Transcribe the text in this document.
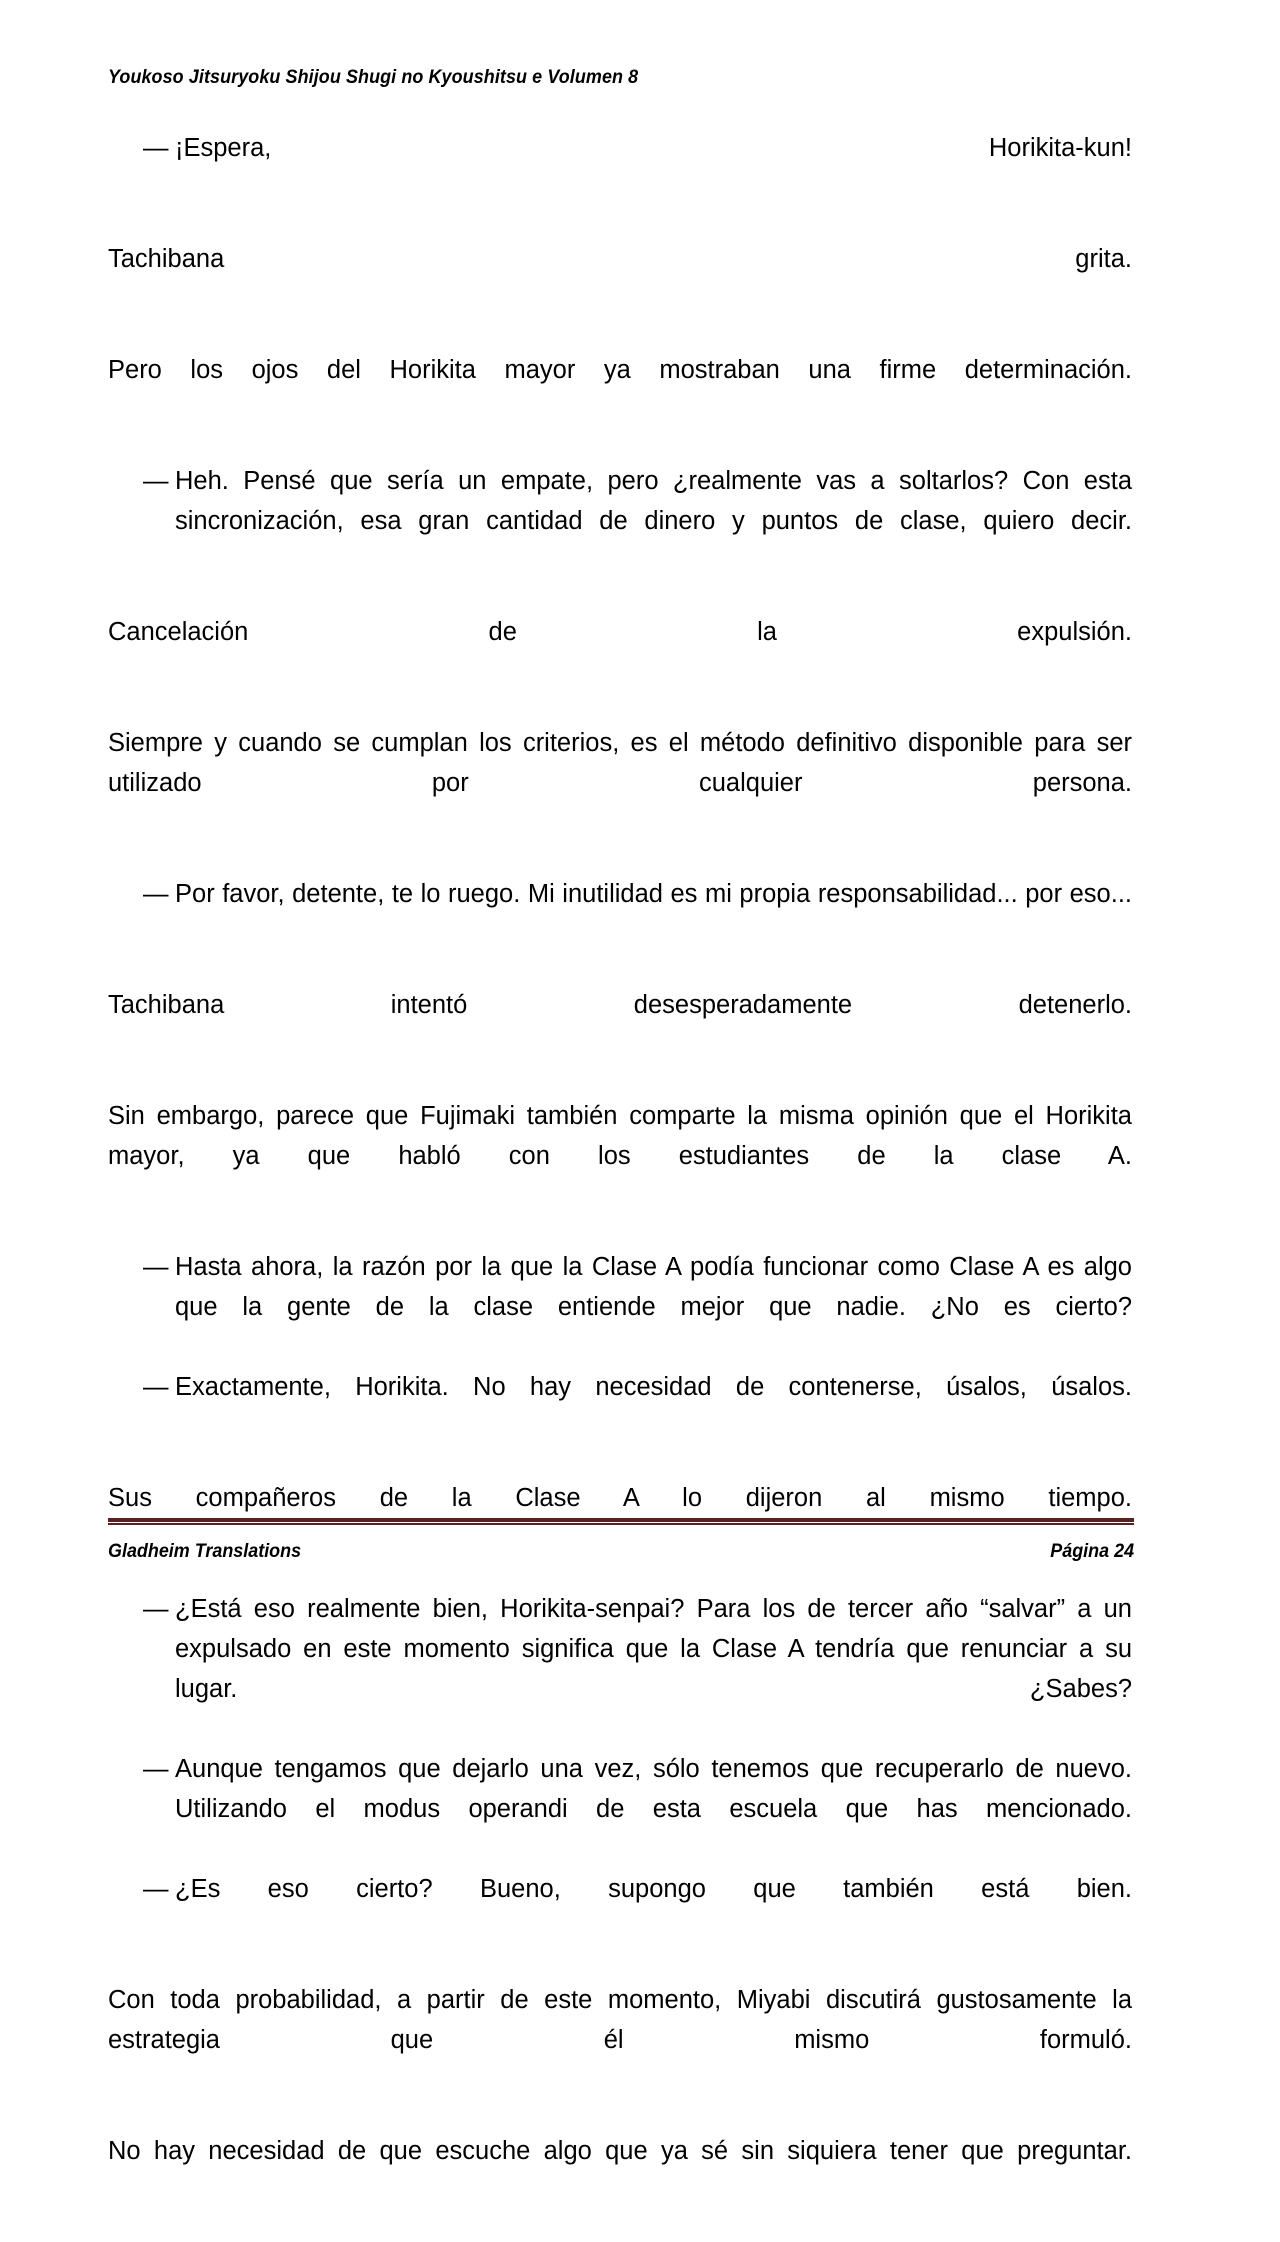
Youkoso Jitsuryoku Shijou Shugi no Kyoushitsu e Volumen 8

— ¡Espera, Horikita-kun!

Tachibana grita.

Pero los ojos del Horikita mayor ya mostraban una firme determinación.

— Heh. Pensé que sería un empate, pero ¿realmente vas a soltarlos? Con esta sincronización, esa gran cantidad de dinero y puntos de clase, quiero decir.

Cancelación de la expulsión.

Siempre y cuando se cumplan los criterios, es el método definitivo disponible para ser utilizado por cualquier persona.

— Por favor, detente, te lo ruego. Mi inutilidad es mi propia responsabilidad... por eso...

Tachibana intentó desesperadamente detenerlo.

Sin embargo, parece que Fujimaki también comparte la misma opinión que el Horikita mayor, ya que habló con los estudiantes de la clase A.

— Hasta ahora, la razón por la que la Clase A podía funcionar como Clase A es algo que la gente de la clase entiende mejor que nadie. ¿No es cierto?

— Exactamente, Horikita. No hay necesidad de contenerse, úsalos, úsalos.

Sus compañeros de la Clase A lo dijeron al mismo tiempo.

— ¿Está eso realmente bien, Horikita-senpai? Para los de tercer año “salvar” a un expulsado en este momento significa que la Clase A tendría que renunciar a su lugar. ¿Sabes?

— Aunque tengamos que dejarlo una vez, sólo tenemos que recuperarlo de nuevo. Utilizando el modus operandi de esta escuela que has mencionado.

— ¿Es eso cierto? Bueno, supongo que también está bien.

Con toda probabilidad, a partir de este momento, Miyabi discutirá gustosamente la estrategia que él mismo formuló.

No hay necesidad de que escuche algo que ya sé sin siquiera tener que preguntar.

Gladheim Translations	Página 24
